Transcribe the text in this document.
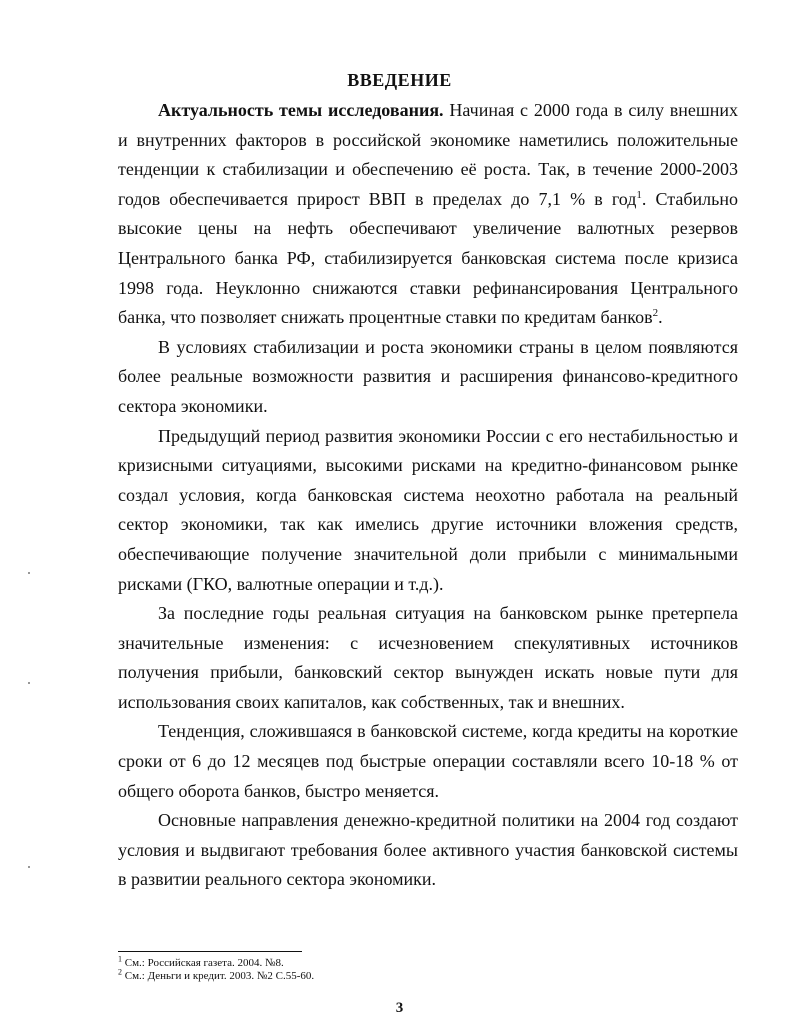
ВВЕДЕНИЕ

Актуальность темы исследования. Начиная с 2000 года в силу внешних и внутренних факторов в российской экономике наметились положительные тенденции к стабилизации и обеспечению её роста. Так, в течение 2000-2003 годов обеспечивается прирост ВВП в пределах до 7,1 % в год$^1$. Стабильно высокие цены на нефть обеспечивают увеличение валютных резервов Центрального банка РФ, стабилизируется банковская система после кризиса 1998 года. Неуклонно снижаются ставки рефинансирования Центрального банка, что позволяет снижать процентные ставки по кредитам банков$^2$.

В условиях стабилизации и роста экономики страны в целом появляются более реальные возможности развития и расширения финансово-кредитного сектора экономики.

Предыдущий период развития экономики России с его нестабильностью и кризисными ситуациями, высокими рисками на кредитно-финансовом рынке создал условия, когда банковская система неохотно работала на реальный сектор экономики, так как имелись другие источники вложения средств, обеспечивающие получение значительной доли прибыли с минимальными рисками (ГКО, валютные операции и т.д.).

За последние годы реальная ситуация на банковском рынке претерпела значительные изменения: с исчезновением спекулятивных источников получения прибыли, банковский сектор вынужден искать новые пути для использования своих капиталов, как собственных, так и внешних.

Тенденция, сложившаяся в банковской системе, когда кредиты на короткие сроки от 6 до 12 месяцев под быстрые операции составляли всего 10-18 % от общего оборота банков, быстро меняется.

Основные направления денежно-кредитной политики на 2004 год создают условия и выдвигают требования более активного участия банковской системы в развитии реального сектора экономики.

$^1$ См.: Российская газета. 2004. №8.
$^2$ См.: Деньги и кредит. 2003. №2 С.55-60.
3
